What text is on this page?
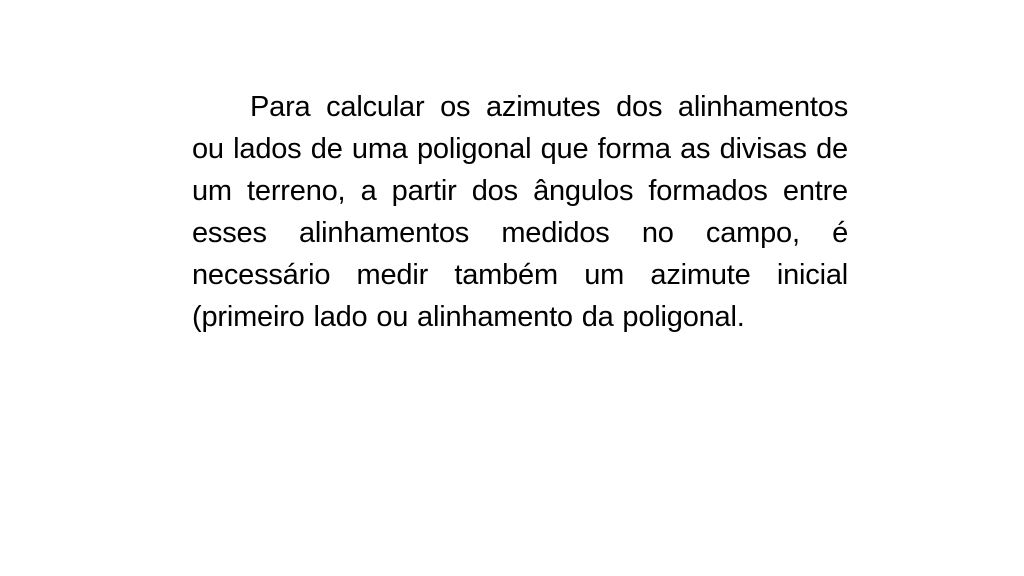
Para calcular os azimutes dos alinhamentos ou lados de uma poligonal que forma as divisas de um terreno, a partir dos ângulos formados entre esses alinhamentos medidos no campo, é necessário medir também um azimute inicial (primeiro lado ou alinhamento da poligonal.
